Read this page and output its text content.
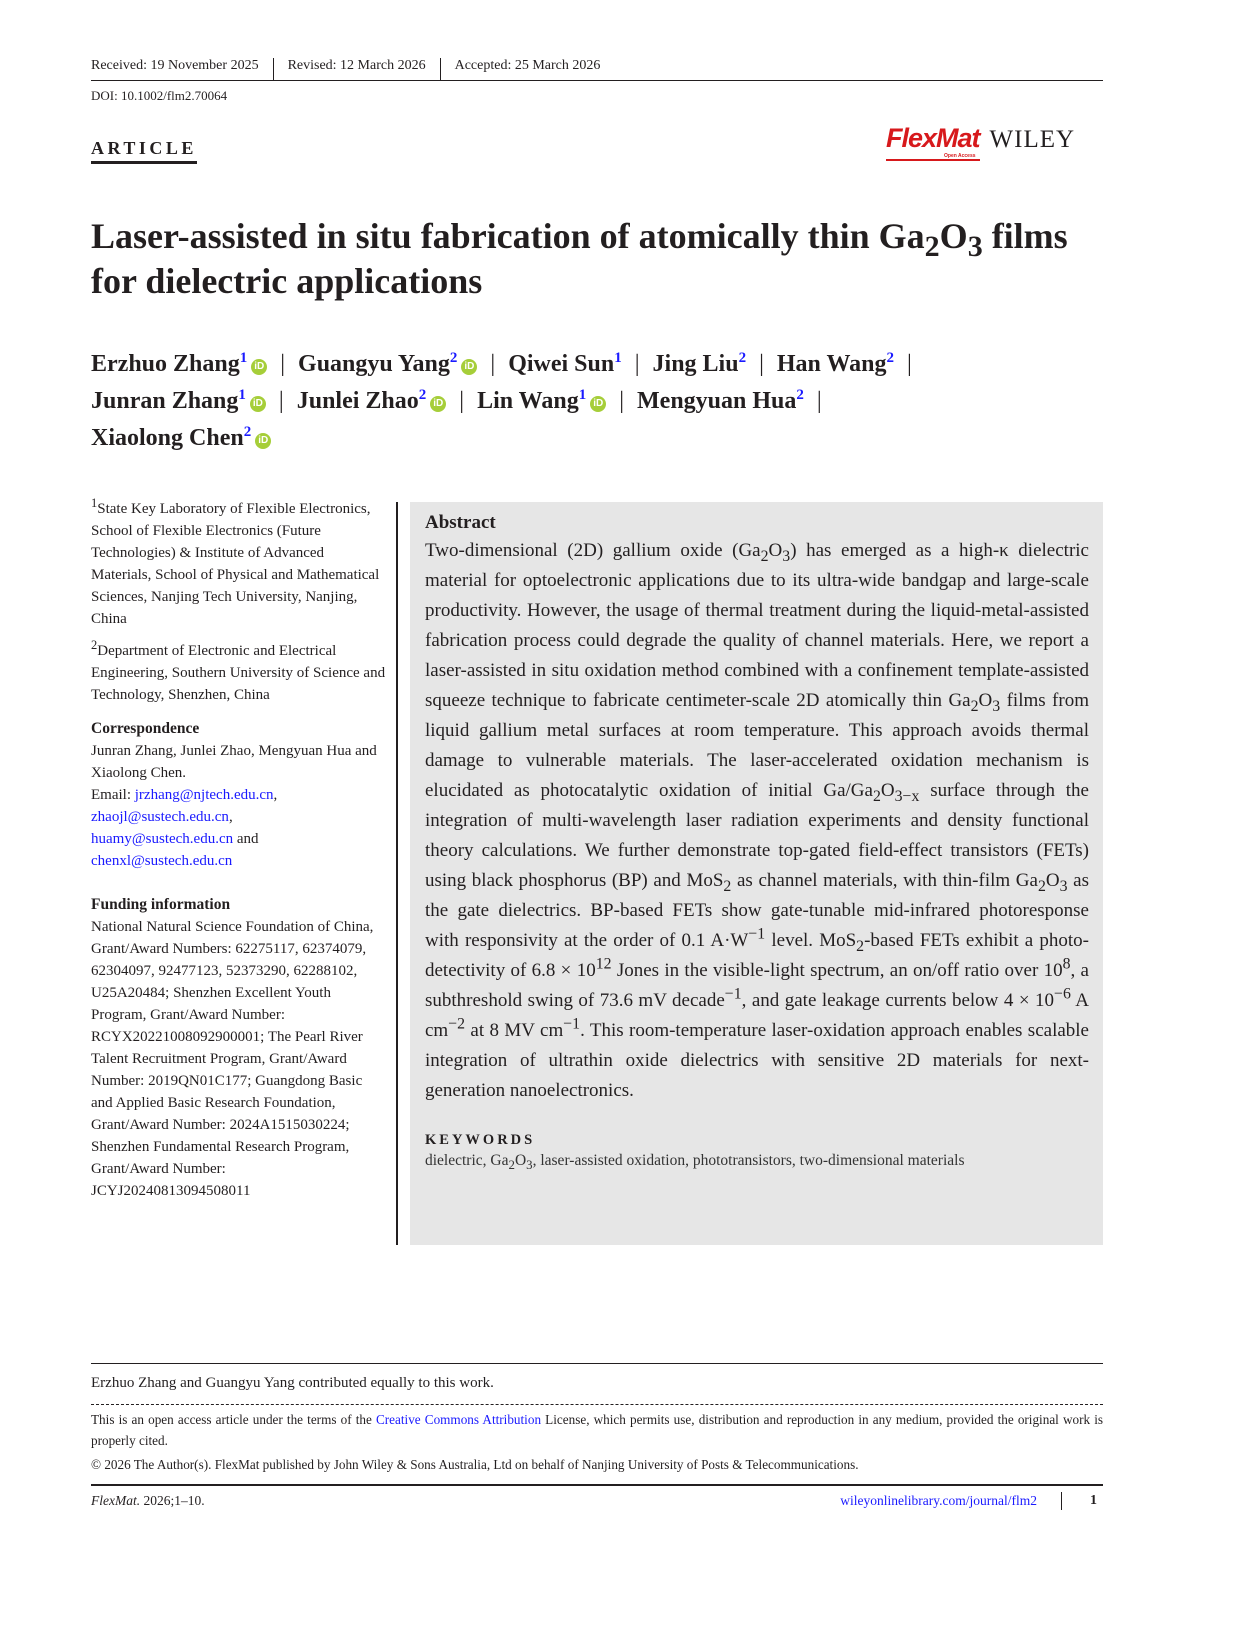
Received: 19 November 2025	Revised: 12 March 2026	Accepted: 25 March 2026
DOI: 10.1002/flm2.70064
ARTICLE	FlexMat
Open Access
WILEY
Laser-assisted in situ fabrication of atomically thin $Ga_2O_3$ films for dielectric applications
Erzhuo Zhang$^1$iD | Guangyu Yang$^2$iD | Qiwei Sun$^1$ | Jing Liu$^2$ | Han Wang$^2$ |
Junran Zhang$^1$iD | Junlei Zhao$^2$iD | Lin Wang$^1$iD | Mengyuan Hua$^2$ |
Xiaolong Chen$^2$iD

$^1$State Key Laboratory of Flexible Electronics, School of Flexible Electronics (Future Technologies) & Institute of Advanced Materials, School of Physical and Mathematical Sciences, Nanjing Tech University, Nanjing, China

$^2$Department of Electronic and Electrical Engineering, Southern University of Science and Technology, Shenzhen, China

Correspondence
Junran Zhang, Junlei Zhao, Mengyuan Hua and Xiaolong Chen.
Email: jrzhang@njtech.edu.cn,
zhaojl@sustech.edu.cn,
huamy@sustech.edu.cn and
chenxl@sustech.edu.cn
Funding information
National Natural Science Foundation of China, Grant/Award Numbers: 62275117, 62374079, 62304097, 92477123, 52373290, 62288102, U25A20484; Shenzhen Excellent Youth Program, Grant/Award Number: RCYX20221008092900001; The Pearl River Talent Recruitment Program, Grant/Award Number: 2019QN01C177; Guangdong Basic and Applied Basic Research Foundation, Grant/Award Number: 2024A1515030224; Shenzhen Fundamental Research Program, Grant/Award Number: JCYJ20240813094508011
Abstract
Two-dimensional (2D) gallium oxide $(Ga_2O_3)$ has emerged as a high-κ dielectric material for optoelectronic applications due to its ultra-wide bandgap and large-scale productivity. However, the usage of thermal treatment during the liquid-metal-assisted fabrication process could degrade the quality of channel materials. Here, we report a laser-assisted in situ oxidation method combined with a confinement template-assisted squeeze technique to fabricate centimeter-scale 2D atomically thin $Ga_2O_3$ films from liquid gallium metal surfaces at room temperature. This approach avoids thermal damage to vulnerable materials. The laser-accelerated oxidation mechanism is elucidated as photocatalytic oxidation of initial $Ga/Ga_2O_{3-x}$ surface through the integration of multi-wavelength laser radiation experiments and density functional theory calculations. We further demonstrate top-gated field-effect transistors (FETs) using black phosphorus (BP) and MoS$_2$ as channel materials, with thin-film $Ga_2O_3$ as the gate dielectrics. BP-based FETs show gate-tunable mid-infrared photoresponse with responsivity at the order of 0.1 $A\cdot W^{-1}$ level. MoS$_2$-based FETs exhibit a photo-detectivity of $6.8 \times 10^{12}$ Jones in the visible-light spectrum, an on/off ratio over $10^8$, a subthreshold swing of 73.6 mV decade$^{-1}$, and gate leakage currents below $4 \times 10^{-6}$ A $cm^{-2}$ at 8 MV $cm^{-1}$. This room-temperature laser-oxidation approach enables scalable integration of ultrathin oxide dielectrics with sensitive 2D materials for next-generation nanoelectronics.
KEYWORDS
dielectric, $Ga_2O_3$, laser-assisted oxidation, phototransistors, two-dimensional materials
Erzhuo Zhang and Guangyu Yang contributed equally to this work.
This is an open access article under the terms of the Creative Commons Attribution License, which permits use, distribution and reproduction in any medium, provided the original work is properly cited.
© 2026 The Author(s). FlexMat published by John Wiley & Sons Australia, Ltd on behalf of Nanjing University of Posts & Telecommunications.
FlexMat. 2026;1–10.	wileyonlinelibrary.com/journal/flm2	1
